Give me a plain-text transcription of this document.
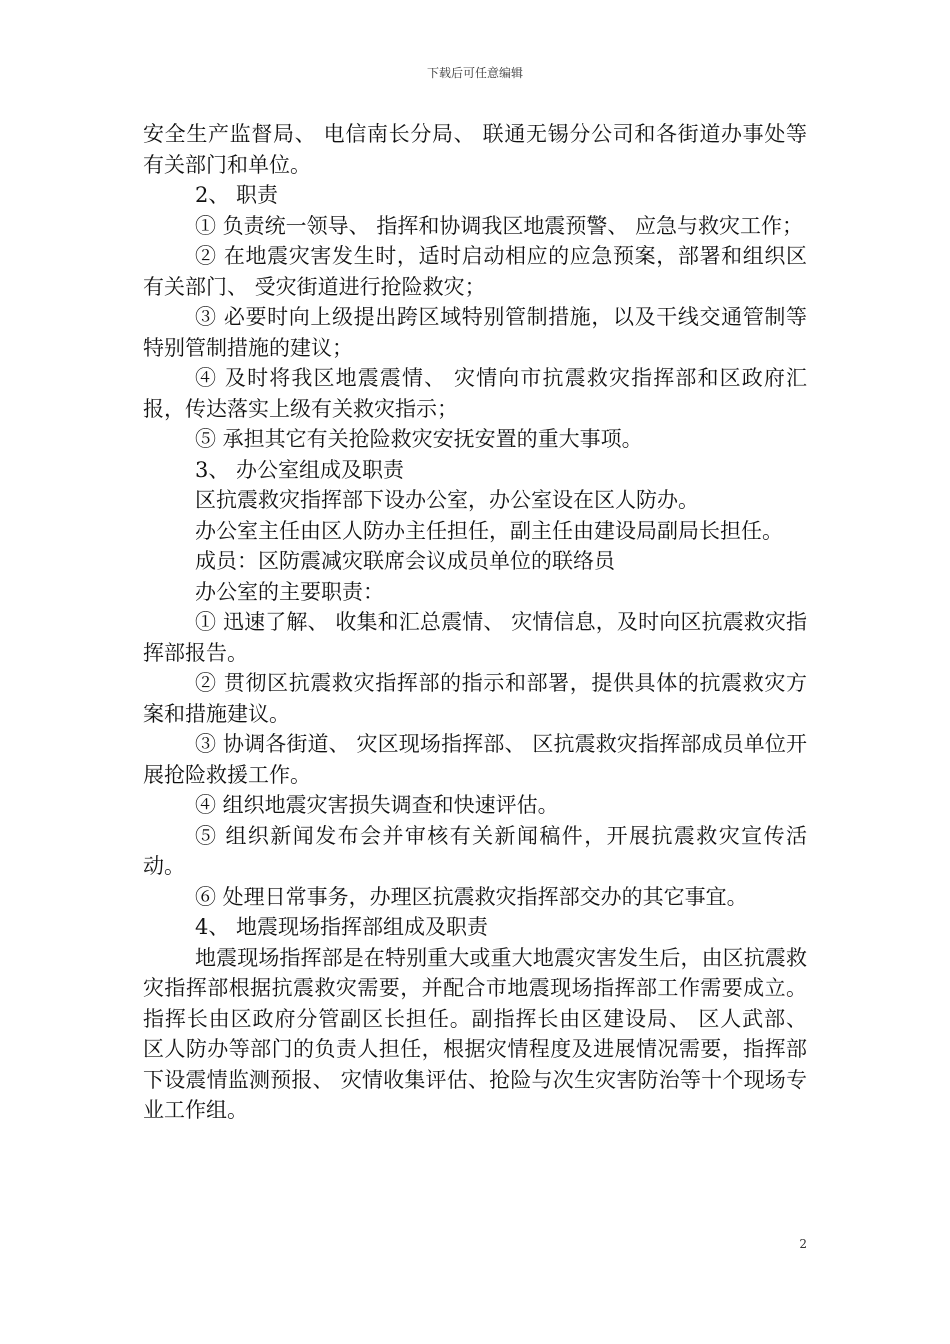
下载后可任意编辑

安全生产监督局、 电信南长分局、 联通无锡分公司和各街道办事处等有关部门和单位。

2、 职责

① 负责统一领导、 指挥和协调我区地震预警、 应急与救灾工作；

② 在地震灾害发生时，适时启动相应的应急预案，部署和组织区有关部门、 受灾街道进行抢险救灾；

③ 必要时向上级提出跨区域特别管制措施，以及干线交通管制等特别管制措施的建议；

④ 及时将我区地震震情、 灾情向市抗震救灾指挥部和区政府汇报，传达落实上级有关救灾指示；

⑤ 承担其它有关抢险救灾安抚安置的重大事项。

3、 办公室组成及职责

区抗震救灾指挥部下设办公室，办公室设在区人防办。

办公室主任由区人防办主任担任，副主任由建设局副局长担任。

成员：区防震减灾联席会议成员单位的联络员

办公室的主要职责：

① 迅速了解、 收集和汇总震情、 灾情信息，及时向区抗震救灾指挥部报告。

② 贯彻区抗震救灾指挥部的指示和部署，提供具体的抗震救灾方案和措施建议。

③ 协调各街道、 灾区现场指挥部、 区抗震救灾指挥部成员单位开展抢险救援工作。

④ 组织地震灾害损失调查和快速评估。

⑤ 组织新闻发布会并审核有关新闻稿件，开展抗震救灾宣传活动。

⑥ 处理日常事务，办理区抗震救灾指挥部交办的其它事宜。

4、 地震现场指挥部组成及职责

地震现场指挥部是在特别重大或重大地震灾害发生后，由区抗震救灾指挥部根据抗震救灾需要，并配合市地震现场指挥部工作需要成立。指挥长由区政府分管副区长担任。副指挥长由区建设局、 区人武部、 区人防办等部门的负责人担任，根据灾情程度及进展情况需要，指挥部下设震情监测预报、 灾情收集评估、抢险与次生灾害防治等十个现场专业工作组。

2
